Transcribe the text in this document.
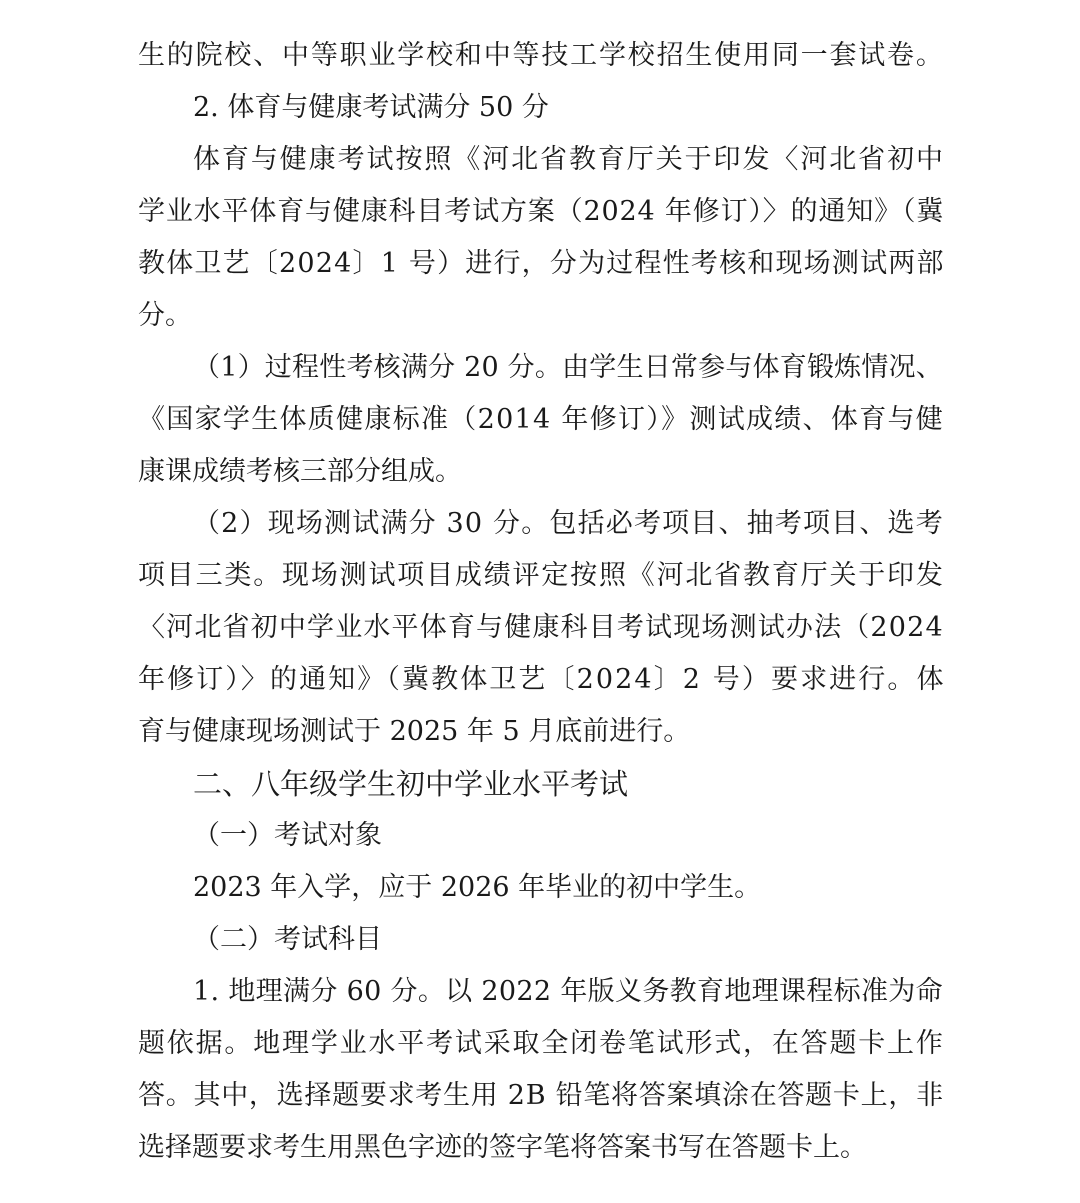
生的院校、中等职业学校和中等技工学校招生使用同一套试卷。
2. 体育与健康考试满分 50 分
体育与健康考试按照《河北省教育厅关于印发〈河北省初中
学业水平体育与健康科目考试方案（2024 年修订）〉的通知》（冀
教体卫艺〔2024〕1 号）进行，分为过程性考核和现场测试两部
分。
（1）过程性考核满分 20 分。由学生日常参与体育锻炼情况、
《国家学生体质健康标准（2014 年修订）》测试成绩、体育与健
康课成绩考核三部分组成。
（2）现场测试满分 30 分。包括必考项目、抽考项目、选考
项目三类。现场测试项目成绩评定按照《河北省教育厅关于印发
〈河北省初中学业水平体育与健康科目考试现场测试办法（2024
年修订）〉的通知》（冀教体卫艺〔2024〕2 号）要求进行。体
育与健康现场测试于 2025 年 5 月底前进行。
二、八年级学生初中学业水平考试
（一）考试对象
2023 年入学，应于 2026 年毕业的初中学生。
（二）考试科目
1. 地理满分 60 分。以 2022 年版义务教育地理课程标准为命
题依据。地理学业水平考试采取全闭卷笔试形式，在答题卡上作
答。其中，选择题要求考生用 2B 铅笔将答案填涂在答题卡上，非
选择题要求考生用黑色字迹的签字笔将答案书写在答题卡上。
